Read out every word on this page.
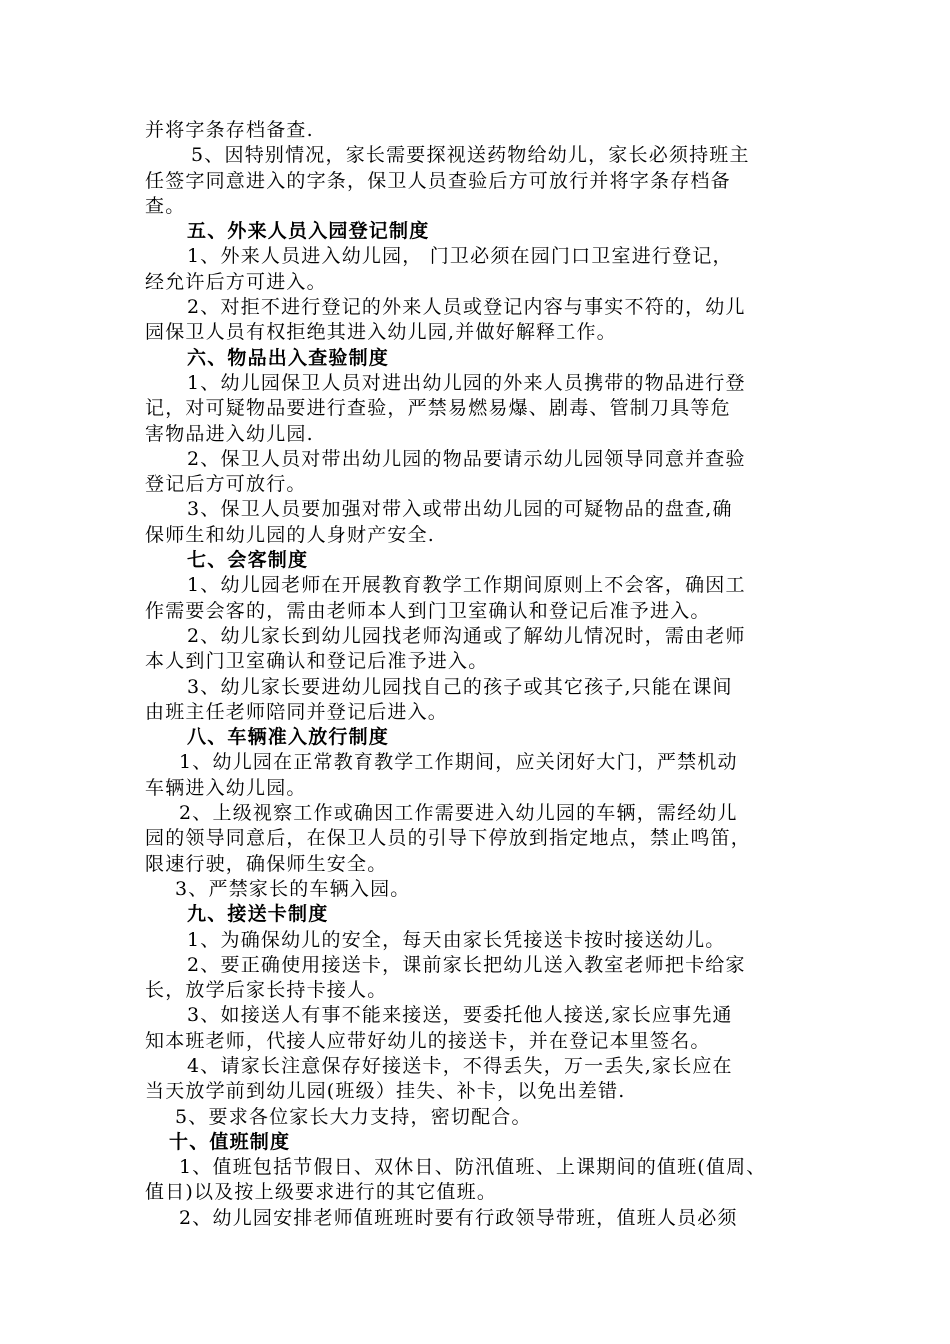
并将字条存档备查.
5、因特别情况，家长需要探视送药物给幼儿，家长必须持班主
任签字同意进入的字条，保卫人员查验后方可放行并将字条存档备
查。
五、外来人员入园登记制度
1、外来人员进入幼儿园， 门卫必须在园门口卫室进行登记，
经允许后方可进入。
2、对拒不进行登记的外来人员或登记内容与事实不符的，幼儿
园保卫人员有权拒绝其进入幼儿园,并做好解释工作。
六、物品出入查验制度
1、幼儿园保卫人员对进出幼儿园的外来人员携带的物品进行登
记，对可疑物品要进行查验，严禁易燃易爆、剧毒、管制刀具等危
害物品进入幼儿园.
2、保卫人员对带出幼儿园的物品要请示幼儿园领导同意并查验
登记后方可放行。
3、保卫人员要加强对带入或带出幼儿园的可疑物品的盘查,确
保师生和幼儿园的人身财产安全.
七、会客制度
1、幼儿园老师在开展教育教学工作期间原则上不会客，确因工
作需要会客的，需由老师本人到门卫室确认和登记后准予进入。
2、幼儿家长到幼儿园找老师沟通或了解幼儿情况时，需由老师
本人到门卫室确认和登记后准予进入。
3、幼儿家长要进幼儿园找自己的孩子或其它孩子,只能在课间
由班主任老师陪同并登记后进入。
八、车辆准入放行制度
1、幼儿园在正常教育教学工作期间，应关闭好大门，严禁机动
车辆进入幼儿园。
2、上级视察工作或确因工作需要进入幼儿园的车辆，需经幼儿
园的领导同意后，在保卫人员的引导下停放到指定地点，禁止鸣笛，
限速行驶，确保师生安全。
3、严禁家长的车辆入园。
九、接送卡制度
1、为确保幼儿的安全，每天由家长凭接送卡按时接送幼儿。
2、要正确使用接送卡，课前家长把幼儿送入教室老师把卡给家
长，放学后家长持卡接人。
3、如接送人有事不能来接送，要委托他人接送,家长应事先通
知本班老师，代接人应带好幼儿的接送卡，并在登记本里签名。
4、请家长注意保存好接送卡，不得丢失，万一丢失,家长应在
当天放学前到幼儿园(班级）挂失、补卡，以免出差错.
5、要求各位家长大力支持，密切配合。
十、值班制度
1、值班包括节假日、双休日、防汛值班、上课期间的值班(值周、
值日)以及按上级要求进行的其它值班。
2、幼儿园安排老师值班班时要有行政领导带班，值班人员必须
